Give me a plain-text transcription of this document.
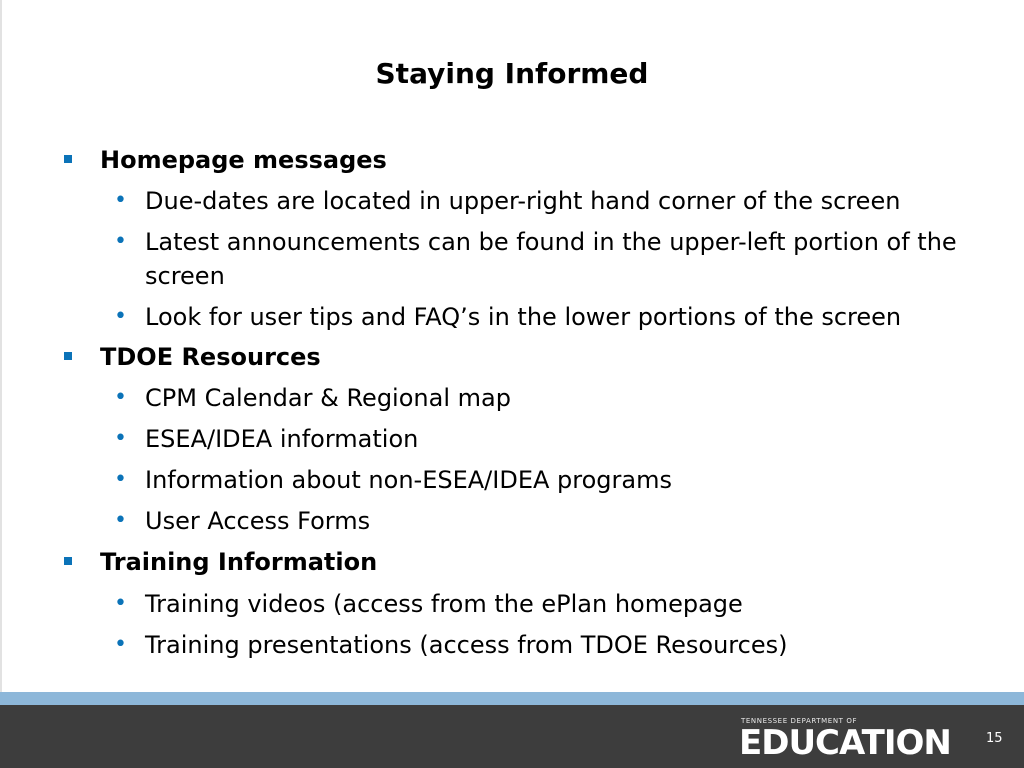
Staying Informed
Homepage messages
• Due-dates are located in upper-right hand corner of the screen
• Latest announcements can be found in the upper-left portion of the screen
• Look for user tips and FAQ’s in the lower portions of the screen
TDOE Resources
• CPM Calendar & Regional map
• ESEA/IDEA information
• Information about non-ESEA/IDEA programs
• User Access Forms
Training Information
• Training videos (access from the ePlan homepage
• Training presentations (access from TDOE Resources)
TENNESSEE DEPARTMENT OF
EDUCATION	15
